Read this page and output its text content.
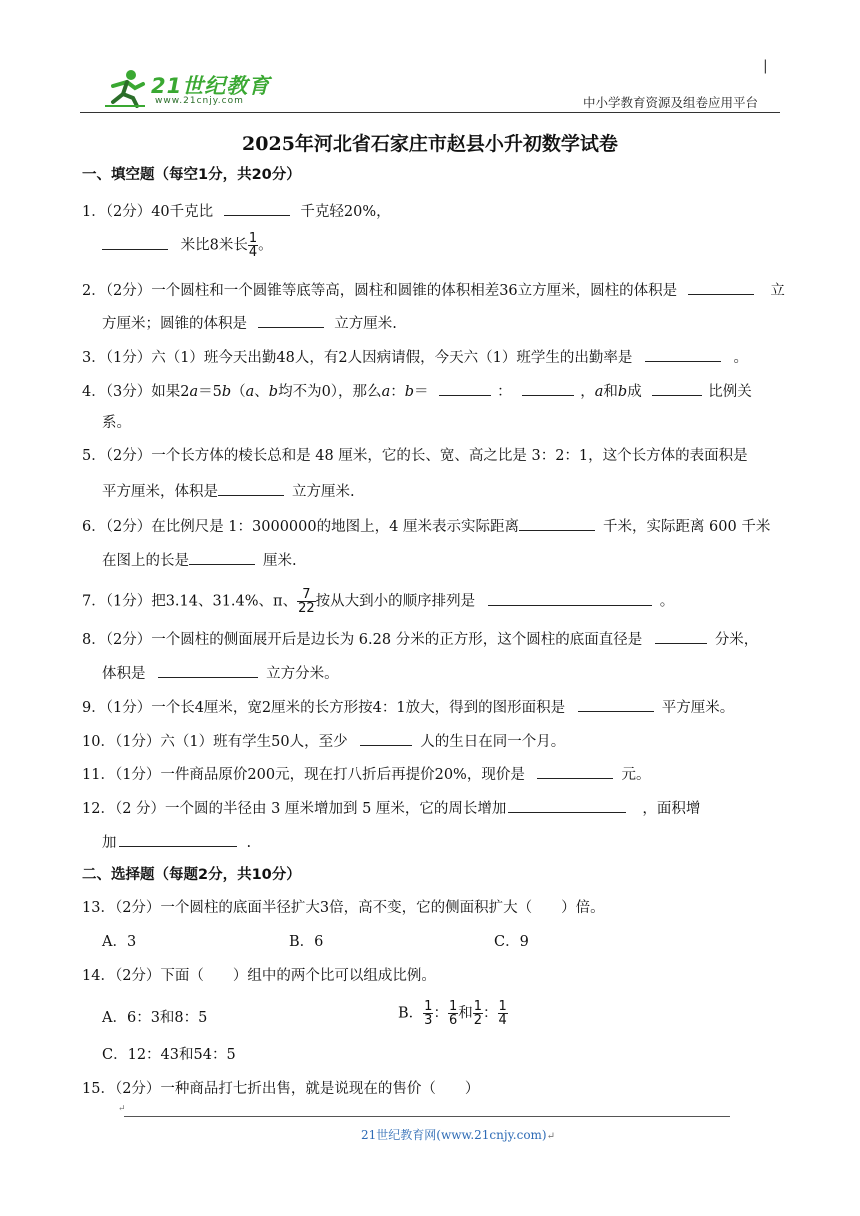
21世纪教育
www.21cnjy.com
|
中小学教育资源及组卷应用平台
2025年河北省石家庄市赵县小升初数学试卷
一、填空题（每空1分，共20分）
1．（2分）40千克比	千克轻20%，
米比8米长 $\frac{1}{4}$ 。
2．（2分）一个圆柱和一个圆锥等底等高，圆柱和圆锥的体积相差36立方厘米，圆柱的体积是	立
方厘米；圆锥的体积是	立方厘米.
3．（1分）六（1）班今天出勤48人，有2人因病请假，今天六（1）班学生的出勤率是	。
4．（3分）如果2a＝5b（a、b均不为0），那么a：b＝	：	，a和b成	比例关
系。
5．（2分）一个长方体的棱长总和是 48 厘米，它的长、宽、高之比是 3：2：1，这个长方体的表面积是
平方厘米，体积是	立方厘米.
6．（2分）在比例尺是 1：3000000的地图上，4 厘米表示实际距离	千米，实际距离 600 千米
在图上的长是	厘米.
7．（1分）把3.14、31.4%、π、 $\frac{7}{22}$ 按从大到小的顺序排列是	。
8．（2分）一个圆柱的侧面展开后是边长为 6.28 分米的正方形，这个圆柱的底面直径是	分米，
体积是	立方分米。
9．（1分）一个长4厘米，宽2厘米的长方形按4：1放大，得到的图形面积是	平方厘米。
10．（1分）六（1）班有学生50人，至少	人的生日在同一个月。
11．（1分）一件商品原价200元，现在打八折后再提价20%，现价是	元。
12．（2 分）一个圆的半径由 3 厘米增加到 5 厘米，它的周长增加	，面积增
加	.
二、选择题（每题2分，共10分）
13．（2分）一个圆柱的底面半径扩大3倍，高不变，它的侧面积扩大（　　）倍。
A．3	B．6	C．9
14．（2分）下面（　　）组中的两个比可以组成比例。
A．6：3和8：5	B． $\frac{1}{3}$ ： $\frac{1}{6}$ 和 $\frac{1}{2}$ ： $\frac{1}{4}$
C．12：43和54：5
15．（2分）一种商品打七折出售，就是说现在的售价（　　）
↵
21世纪教育网(www.21cnjy.com)↵
